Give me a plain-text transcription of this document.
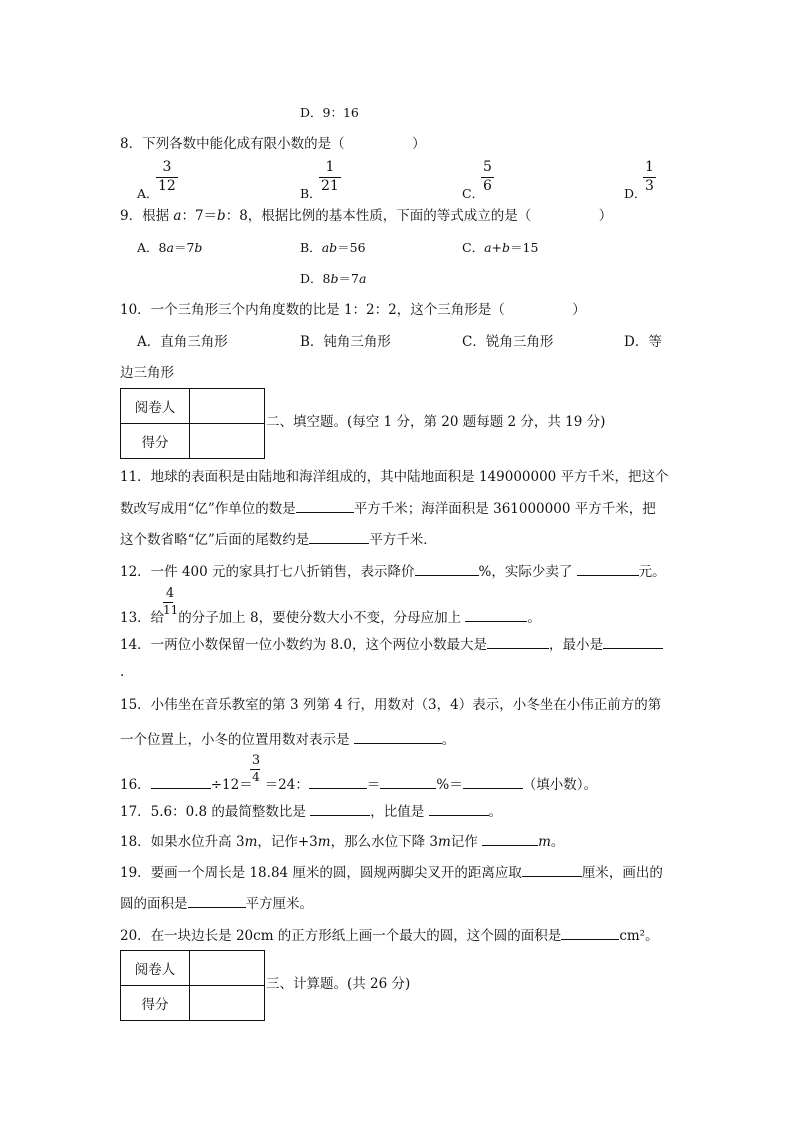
D．9：16
8．下列各数中能化成有限小数的是（　　　　　）
A．
$\frac{3}{12}$	B．
$\frac{1}{21}$	C．
$\frac{5}{6}$	D．
$\frac{1}{3}$
9．根据 a：7＝b：8，根据比例的基本性质，下面的等式成立的是（　　　　　）
A．8a＝7b	B．ab＝56	C．a+b＝15
D．8b＝7a
10．一个三角形三个内角度数的比是 1：2：2，这个三角形是（　　　　　）
A．直角三角形	B．钝角三角形	C．锐角三角形	D．等
边三角形
阅卷人	
得分	
二、填空题。(每空 1 分，第 20 题每题 2 分，共 19 分)
11．地球的表面积是由陆地和海洋组成的，其中陆地面积是 149000000 平方千米，把这个
数改写成用“亿”作单位的数是	平方千米；海洋面积是 361000000 平方千米，把
这个数省略“亿”后面的尾数约是	平方千米．
12．一件 400 元的家具打七八折销售，表示降价	%，实际少卖了	元。
4
11
13．给 的分子加上 8，要使分数大小不变，分母应加上	。
14．一两位小数保留一位小数约为 8.0，这个两位小数最大是	，最小是
.
15．小伟坐在音乐教室的第 3 列第 4 行，用数对（3，4）表示，小冬坐在小伟正前方的第
一个位置上，小冬的位置用数对表示是	。
3
4
16．	÷12＝ ＝24：	＝	%＝	（填小数）。
17．5.6：0.8 的最简整数比是	，比值是	。
18．如果水位升高 3m，记作+3m，那么水位下降 3m记作	m。
19．要画一个周长是 18.84 厘米的圆，圆规两脚尖叉开的距离应取	厘米，画出的
圆的面积是	平方厘米。
20．在一块边长是 20cm 的正方形纸上画一个最大的圆，这个圆的面积是	cm²。
阅卷人	
得分	
三、计算题。(共 26 分)
